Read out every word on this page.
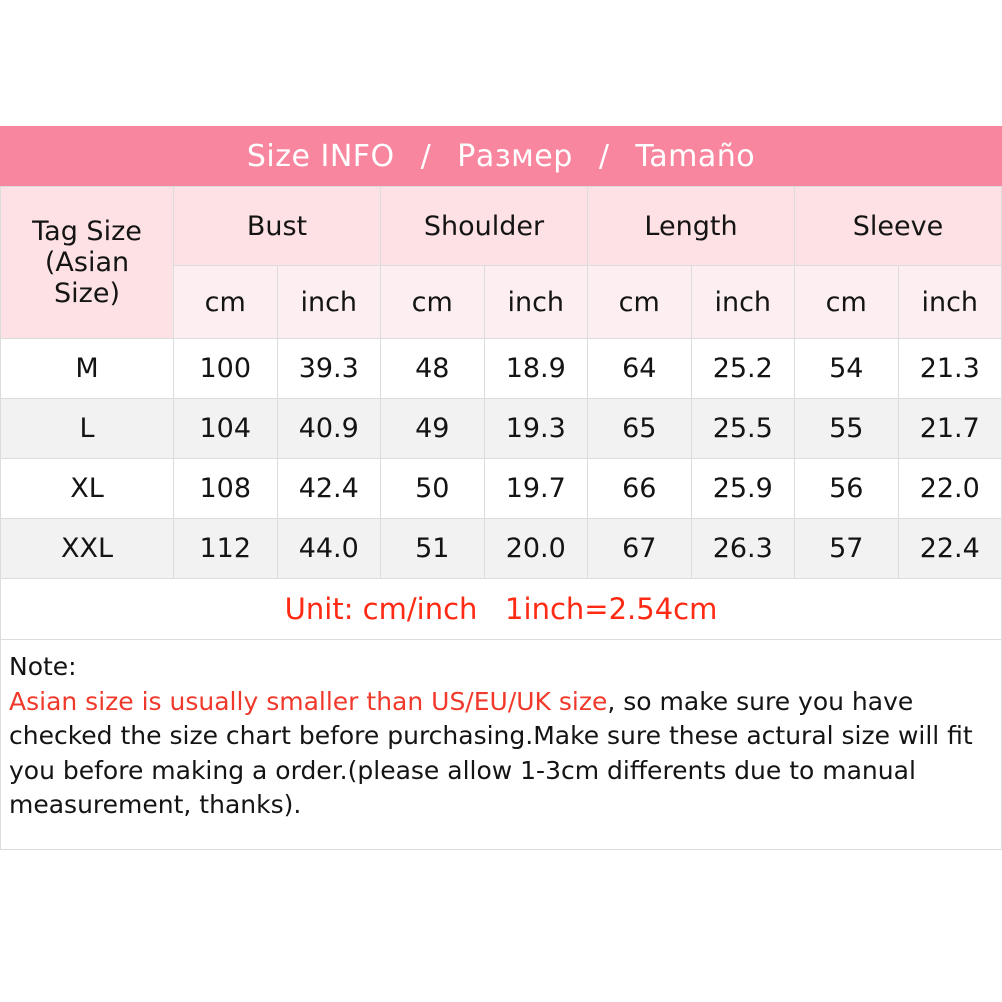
Size INFO / Размер / Tamaño
Tag Size
(Asian
Size)	Bust		Shoulder		Length		Sleeve	
	cm	inch	cm	inch	cm	inch	cm	inch
M	100	39.3	48	18.9	64	25.2	54	21.3
L	104	40.9	49	19.3	65	25.5	55	21.7
XL	108	42.4	50	19.7	66	25.9	56	22.0
XXL	112	44.0	51	20.0	67	26.3	57	22.4
Unit: cm/inch   1inch=2.54cm
Note:
Asian size is usually smaller than US/EU/UK size, so make sure you have checked the size chart before purchasing.Make sure these actural size will fit you before making a order.(please allow 1-3cm differents due to manual measurement, thanks).
